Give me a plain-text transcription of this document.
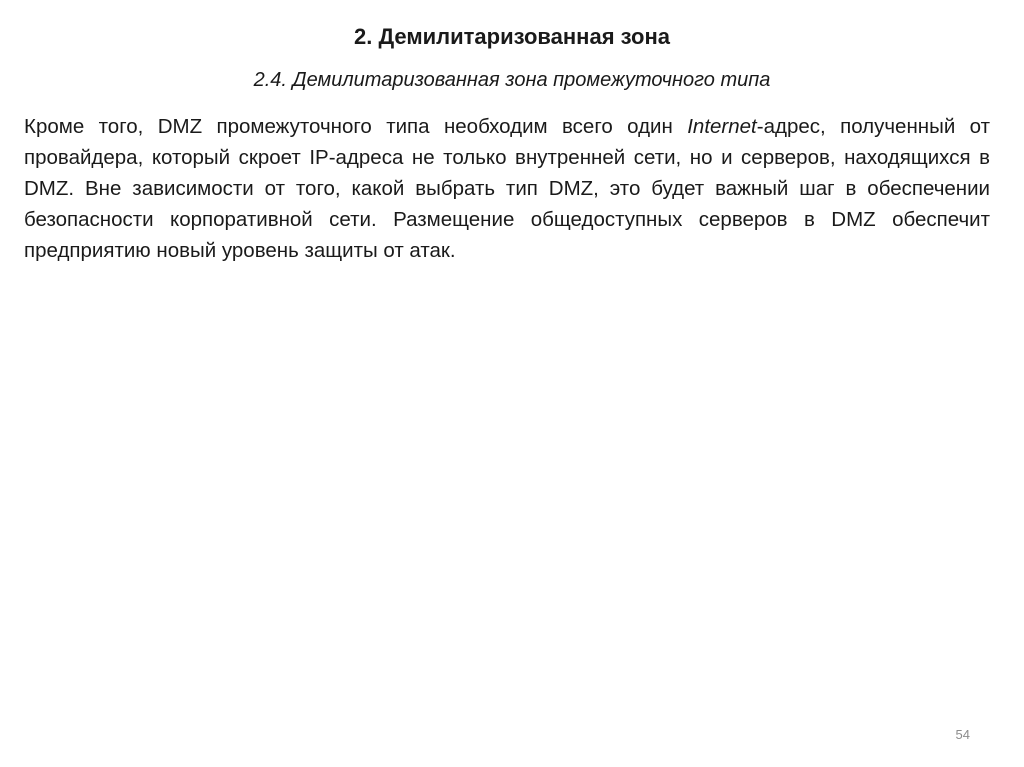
2. Демилитаризованная зона
2.4. Демилитаризованная зона промежуточного типа

Кроме того, DMZ промежуточного типа необходим всего один Internet-адрес, полученный от провайдера, который скроет IP-адреса не только внутренней сети, но и серверов, находящихся в DMZ. Вне зависимости от того, какой выбрать тип DMZ, это будет важный шаг в обеспечении безопасности корпоративной сети. Размещение общедоступных серверов в DMZ обеспечит предприятию новый уровень защиты от атак.

54
